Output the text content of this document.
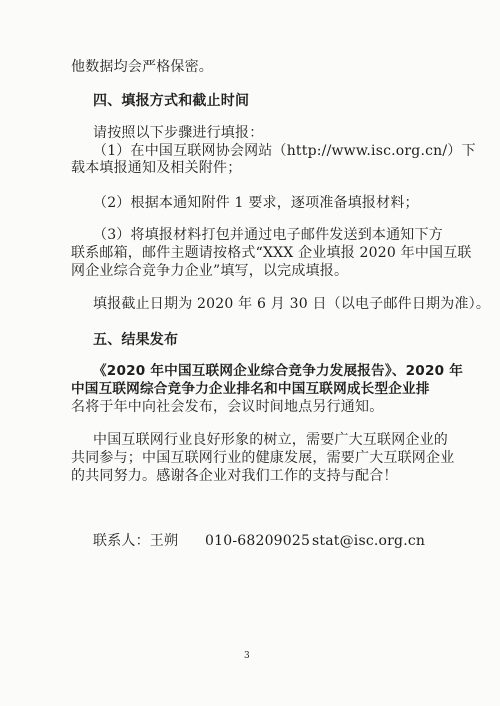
他数据均会严格保密。
四、填报方式和截止时间
请按照以下步骤进行填报：
（1）在中国互联网协会网站（http://www.isc.org.cn/）下
载本填报通知及相关附件；
（2）根据本通知附件 1 要求，逐项准备填报材料；
（3）将填报材料打包并通过电子邮件发送到本通知下方
联系邮箱，邮件主题请按格式“XXX 企业填报 2020 年中国互联
网企业综合竞争力企业”填写，以完成填报。
填报截止日期为 2020 年 6 月 30 日（以电子邮件日期为准）。
五、结果发布
《2020 年中国互联网企业综合竞争力发展报告》、2020 年
中国互联网综合竞争力企业排名和中国互联网成长型企业排
名将于年中向社会发布，会议时间地点另行通知。
中国互联网行业良好形象的树立，需要广大互联网企业的
共同参与；中国互联网行业的健康发展，需要广大互联网企业
的共同努力。感谢各企业对我们工作的支持与配合！
联系人：王朔 010-68209025 stat@isc.org.cn
3
